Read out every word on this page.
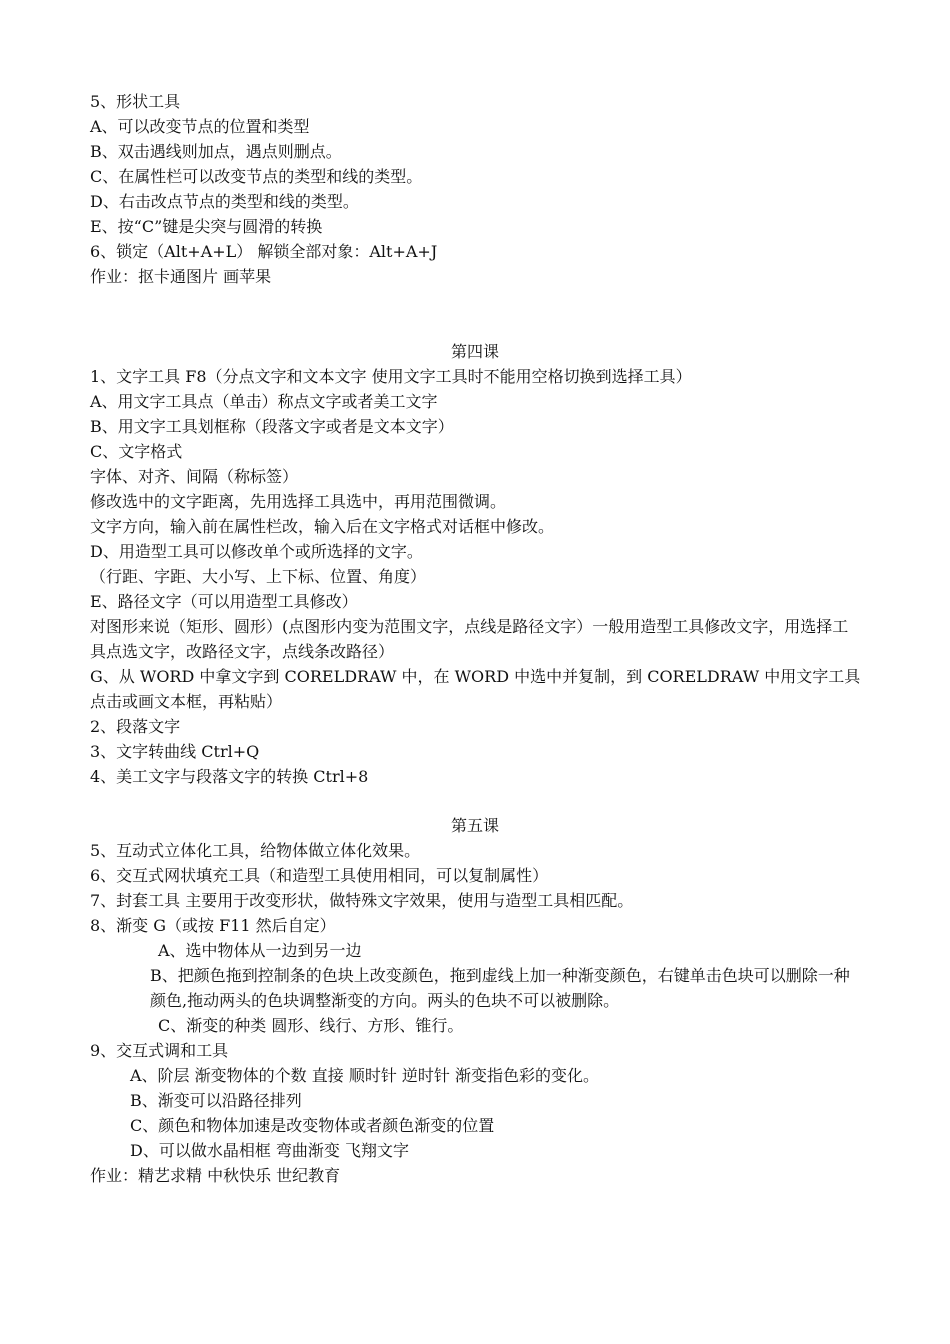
5、形状工具
A、可以改变节点的位置和类型
B、双击遇线则加点，遇点则删点。
C、在属性栏可以改变节点的类型和线的类型。
D、右击改点节点的类型和线的类型。
E、按“C”键是尖突与圆滑的转换
6、锁定（Alt+A+L） 解锁全部对象：Alt+A+J
作业：抠卡通图片 画苹果
第四课
1、文字工具 F8（分点文字和文本文字 使用文字工具时不能用空格切换到选择工具）
A、用文字工具点（单击）称点文字或者美工文字
B、用文字工具划框称（段落文字或者是文本文字）
C、文字格式
字体、对齐、间隔（称标签）
修改选中的文字距离，先用选择工具选中，再用范围微调。
文字方向，输入前在属性栏改，输入后在文字格式对话框中修改。
D、用造型工具可以修改单个或所选择的文字。
（行距、字距、大小写、上下标、位置、角度）
E、路径文字（可以用造型工具修改）
对图形来说（矩形、圆形）(点图形内变为范围文字，点线是路径文字）一般用造型工具修改文字，用选择工具点选文字，改路径文字，点线条改路径）
G、从 WORD 中拿文字到 CORELDRAW 中，在 WORD 中选中并复制，到 CORELDRAW 中用文字工具点击或画文本框，再粘贴）
2、段落文字
3、文字转曲线 Ctrl+Q
4、美工文字与段落文字的转换 Ctrl+8
第五课
5、互动式立体化工具，给物体做立体化效果。
6、交互式网状填充工具（和造型工具使用相同，可以复制属性）
7、封套工具 主要用于改变形状，做特殊文字效果，使用与造型工具相匹配。
8、渐变 G（或按 F11 然后自定）
A、选中物体从一边到另一边
B、把颜色拖到控制条的色块上改变颜色，拖到虚线上加一种渐变颜色，右键单击色块可以删除一种颜色,拖动两头的色块调整渐变的方向。两头的色块不可以被删除。
C、渐变的种类 圆形、线行、方形、锥行。
9、交互式调和工具
A、阶层 渐变物体的个数 直接 顺时针 逆时针 渐变指色彩的变化。
B、渐变可以沿路径排列
C、颜色和物体加速是改变物体或者颜色渐变的位置
D、可以做水晶相框 弯曲渐变 飞翔文字
作业：精艺求精 中秋快乐 世纪教育
